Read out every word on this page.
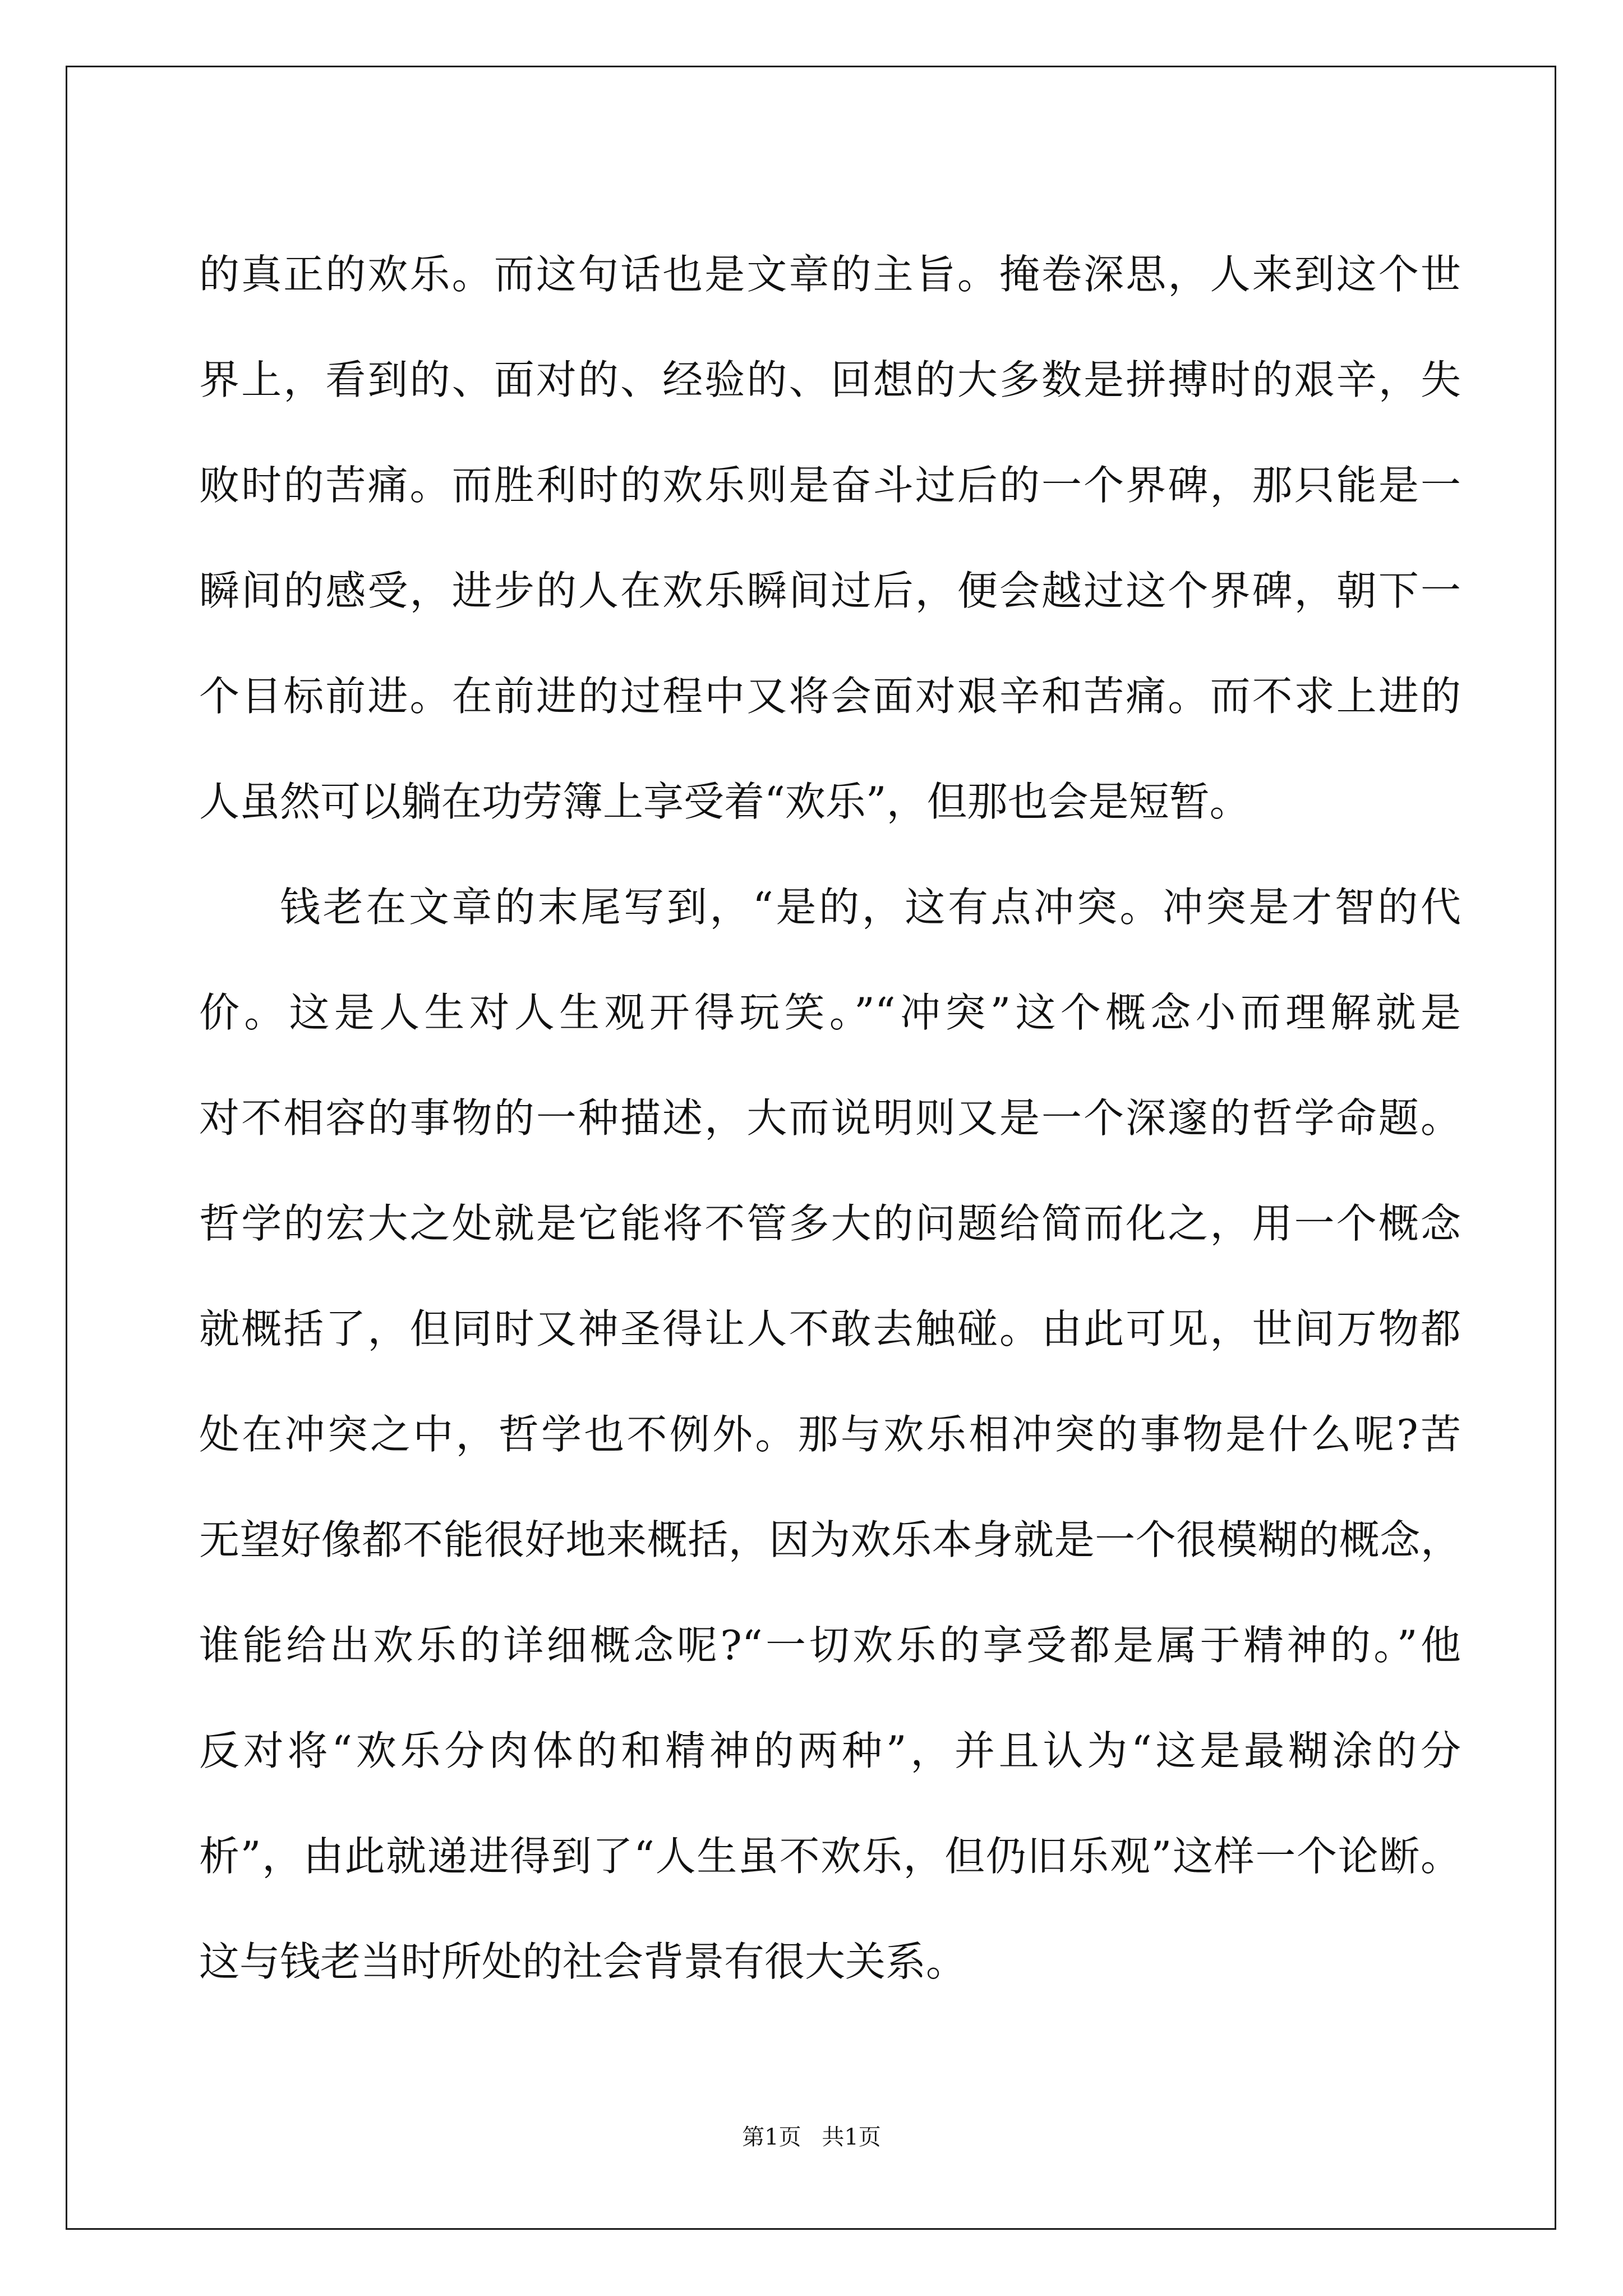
的真正的欢乐。而这句话也是文章的主旨。掩卷深思，人来到这个世
界上，看到的、面对的、经验的、回想的大多数是拼搏时的艰辛，失
败时的苦痛。而胜利时的欢乐则是奋斗过后的一个界碑，那只能是一
瞬间的感受，进步的人在欢乐瞬间过后，便会越过这个界碑，朝下一
个目标前进。在前进的过程中又将会面对艰辛和苦痛。而不求上进的
人虽然可以躺在功劳簿上享受着“欢乐”，但那也会是短暂。
钱老在文章的末尾写到，“是的，这有点冲突。冲突是才智的代
价。这是人生对人生观开得玩笑。”“冲突”这个概念小而理解就是
对不相容的事物的一种描述，大而说明则又是一个深邃的哲学命题。
哲学的宏大之处就是它能将不管多大的问题给简而化之，用一个概念
就概括了，但同时又神圣得让人不敢去触碰。由此可见，世间万物都
处在冲突之中，哲学也不例外。那与欢乐相冲突的事物是什么呢?苦
无望好像都不能很好地来概括，因为欢乐本身就是一个很模糊的概念，
谁能给出欢乐的详细概念呢?“一切欢乐的享受都是属于精神的。”他
反对将“欢乐分肉体的和精神的两种”，并且认为“这是最糊涂的分
析”，由此就递进得到了“人生虽不欢乐，但仍旧乐观”这样一个论断。
这与钱老当时所处的社会背景有很大关系。
第1页 共1页
